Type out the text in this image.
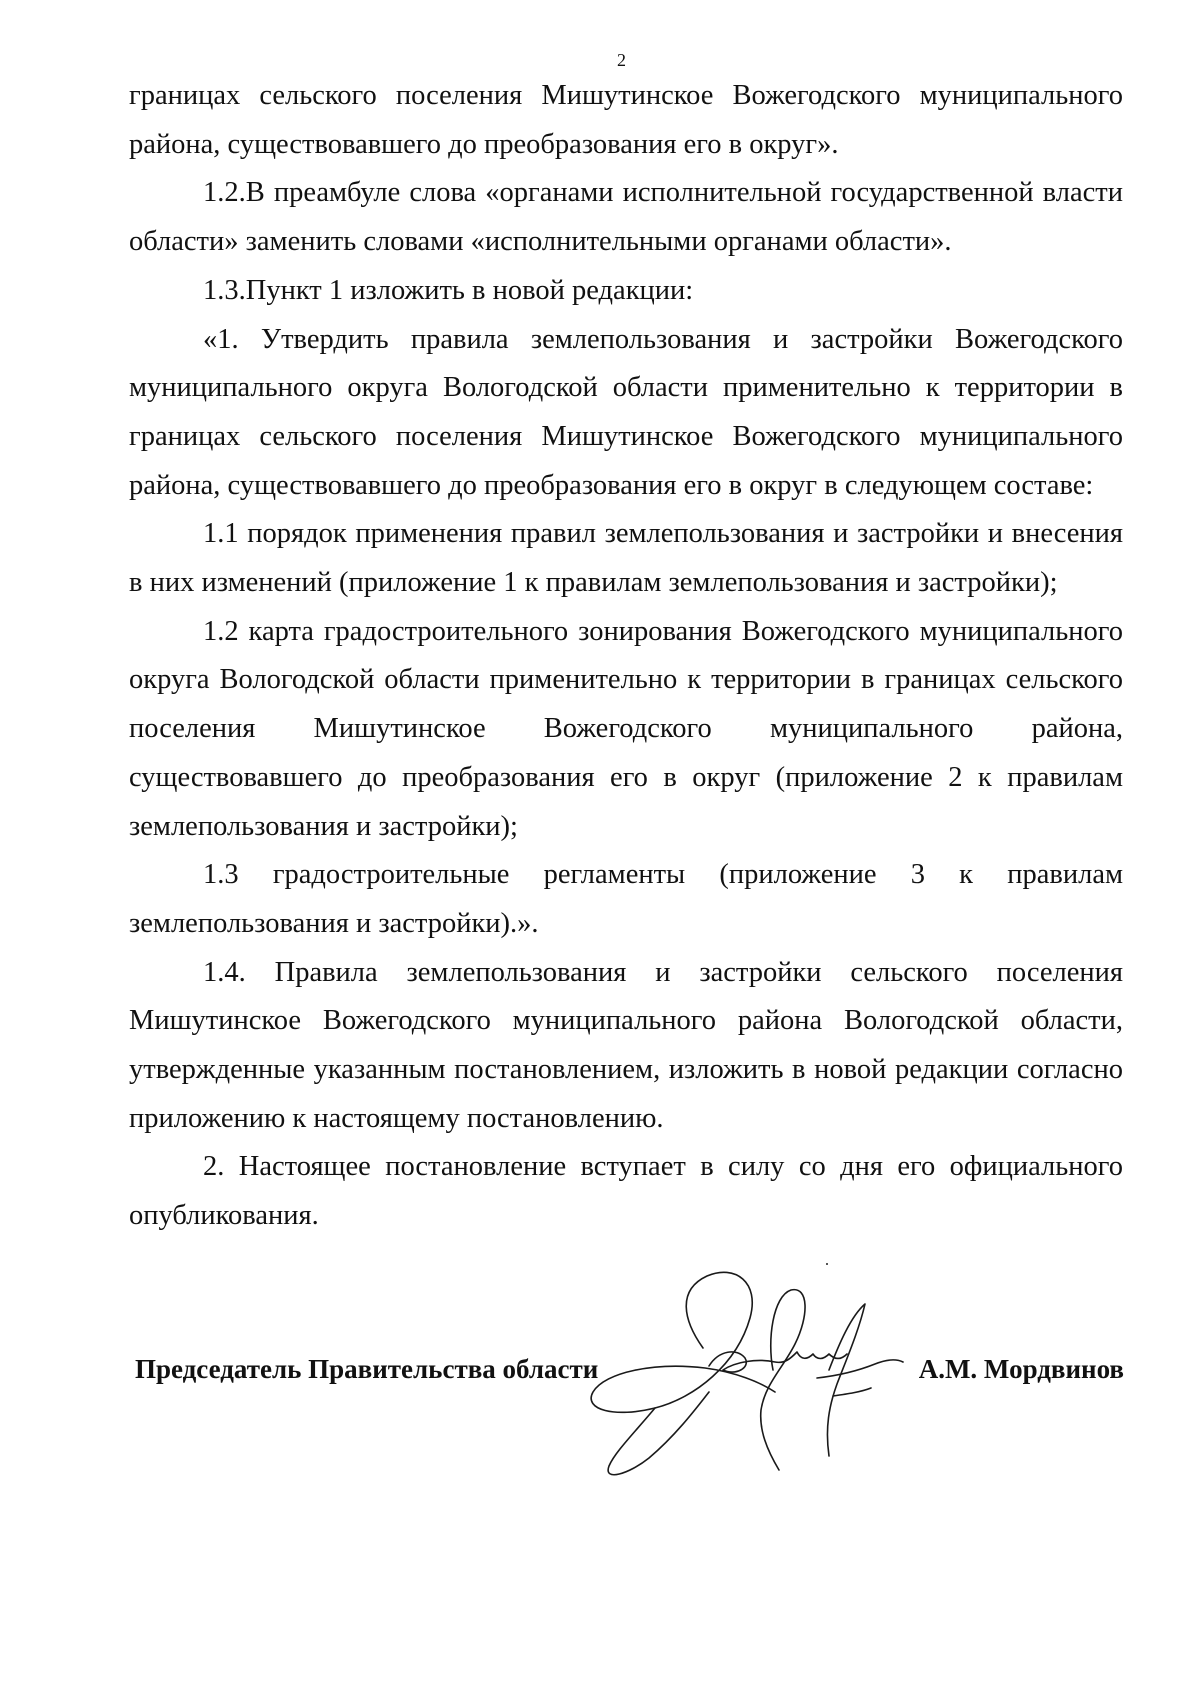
2

границах сельского поселения Мишутинское Вожегодского муниципального района, существовавшего до преобразования его в округ».

1.2.В преамбуле слова «органами исполнительной государственной власти области» заменить словами «исполнительными органами области».

1.3.Пункт 1 изложить в новой редакции:

«1. Утвердить правила землепользования и застройки Вожегодского муниципального округа Вологодской области применительно к территории в границах сельского поселения Мишутинское Вожегодского муниципального района, существовавшего до преобразования его в округ в следующем составе:

1.1 порядок применения правил землепользования и застройки и внесения в них изменений (приложение 1 к правилам землепользования и застройки);

1.2 карта градостроительного зонирования Вожегодского муниципального округа Вологодской области применительно к территории в границах сельского поселения Мишутинское Вожегодского муниципального района, существовавшего до преобразования его в округ (приложение 2 к правилам землепользования и застройки);

1.3 градостроительные регламенты (приложение 3 к правилам землепользования и застройки).».

1.4. Правила землепользования и застройки сельского поселения Мишутинское Вожегодского муниципального района Вологодской области, утвержденные указанным постановлением, изложить в новой редакции согласно приложению к настоящему постановлению.

2. Настоящее постановление вступает в силу со дня его официального опубликования.

Председатель Правительства области	А.М. Мордвинов
